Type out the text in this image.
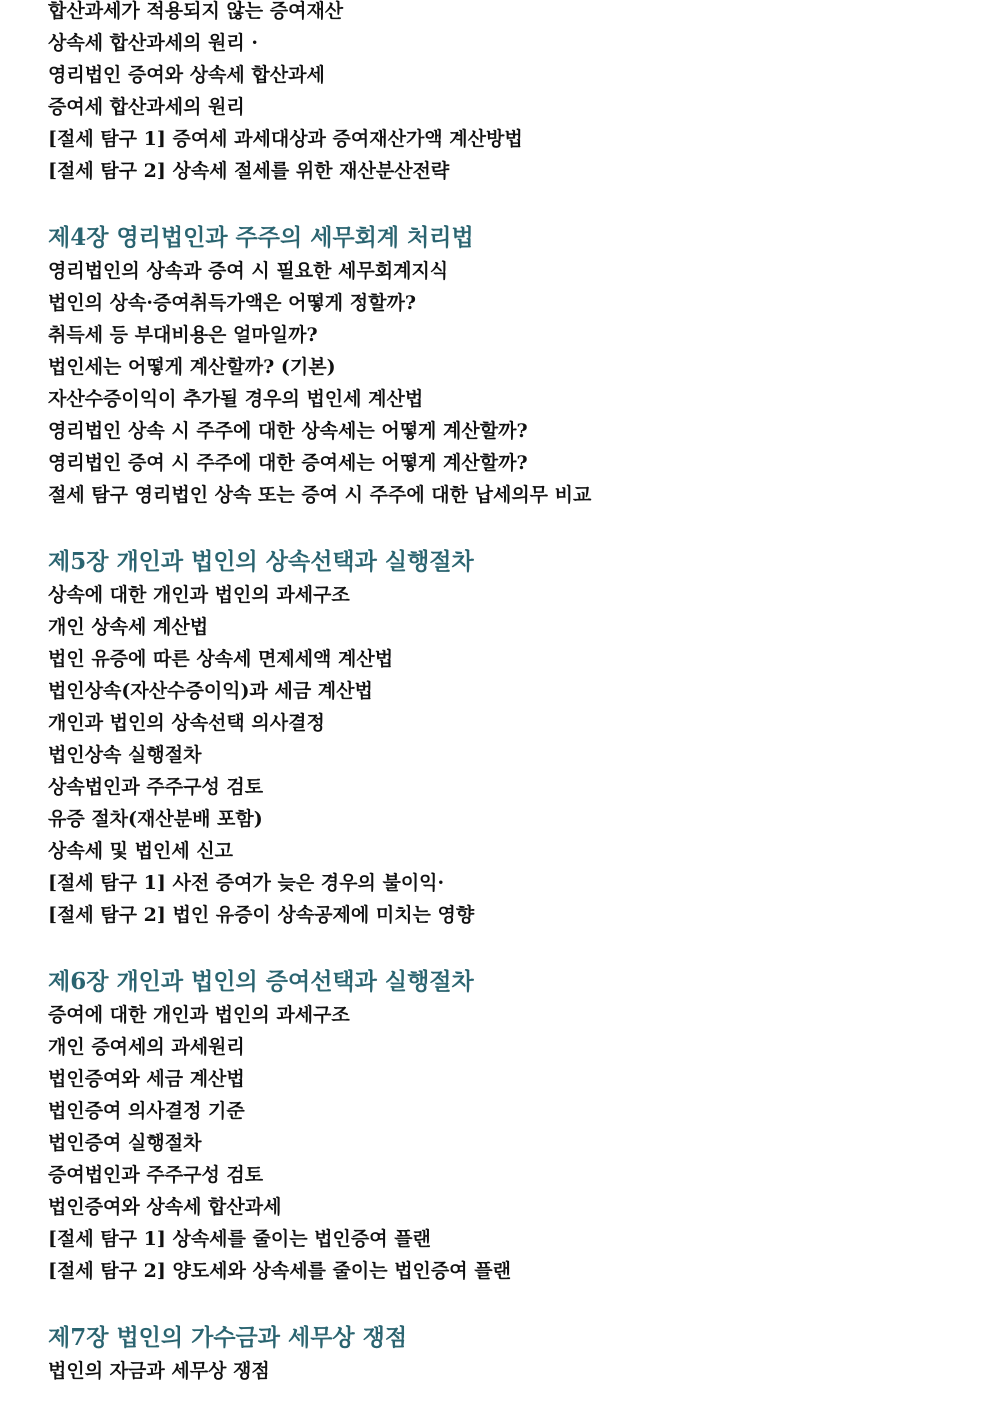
합산과세가 적용되지 않는 증여재산
상속세 합산과세의 원리 ·
영리법인 증여와 상속세 합산과세
증여세 합산과세의 원리
[절세 탐구 1] 증여세 과세대상과 증여재산가액 계산방법
[절세 탐구 2] 상속세 절세를 위한 재산분산전략
제4장 영리법인과 주주의 세무회계 처리법
영리법인의 상속과 증여 시 필요한 세무회계지식
법인의 상속·증여취득가액은 어떻게 정할까?
취득세 등 부대비용은 얼마일까?
법인세는 어떻게 계산할까? (기본)
자산수증이익이 추가될 경우의 법인세 계산법
영리법인 상속 시 주주에 대한 상속세는 어떻게 계산할까?
영리법인 증여 시 주주에 대한 증여세는 어떻게 계산할까?
절세 탐구 영리법인 상속 또는 증여 시 주주에 대한 납세의무 비교
제5장 개인과 법인의 상속선택과 실행절차
상속에 대한 개인과 법인의 과세구조
개인 상속세 계산법
법인 유증에 따른 상속세 면제세액 계산법
법인상속(자산수증이익)과 세금 계산법
개인과 법인의 상속선택 의사결정
법인상속 실행절차
상속법인과 주주구성 검토
유증 절차(재산분배 포함)
상속세 및 법인세 신고
[절세 탐구 1] 사전 증여가 늦은 경우의 불이익·
[절세 탐구 2] 법인 유증이 상속공제에 미치는 영향
제6장 개인과 법인의 증여선택과 실행절차
증여에 대한 개인과 법인의 과세구조
개인 증여세의 과세원리
법인증여와 세금 계산법
법인증여 의사결정 기준
법인증여 실행절차
증여법인과 주주구성 검토
법인증여와 상속세 합산과세
[절세 탐구 1] 상속세를 줄이는 법인증여 플랜
[절세 탐구 2] 양도세와 상속세를 줄이는 법인증여 플랜
제7장 법인의 가수금과 세무상 쟁점
법인의 자금과 세무상 쟁점
